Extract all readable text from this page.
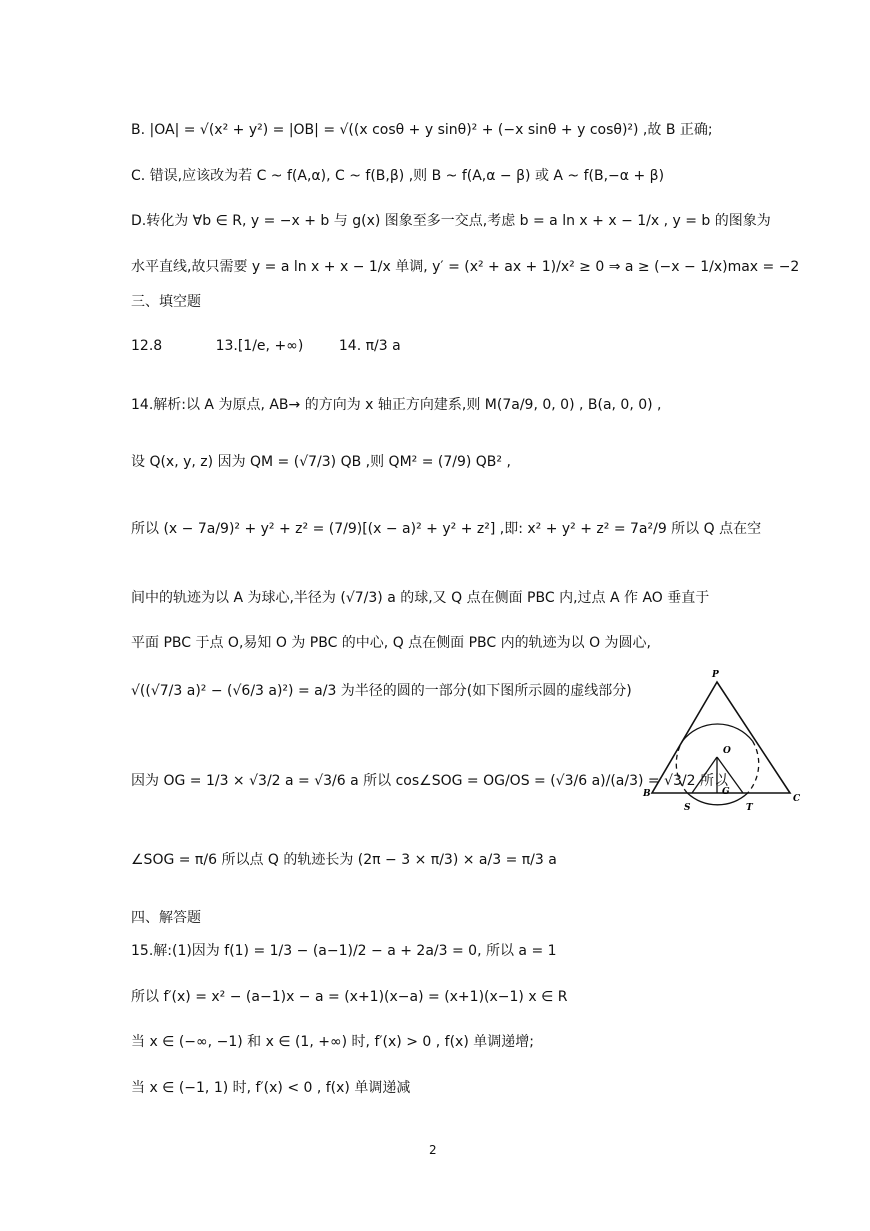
B. |OA| = √(x² + y²) = |OB| = √((x cosθ + y sinθ)² + (−x sinθ + y cosθ)²) ,故 B 正确;
C. 错误,应该改为若 C ~ f(A,α), C ~ f(B,β) ,则 B ~ f(A,α − β) 或 A ~ f(B,−α + β)
D.转化为 ∀b ∈ R, y = −x + b 与 g(x) 图象至多一交点,考虑 b = a ln x + x − 1/x , y = b 的图象为
水平直线,故只需要 y = a ln x + x − 1/x 单调, y′ = (x² + ax + 1)/x² ≥ 0 ⇒ a ≥ (−x − 1/x)max = −2
三、填空题
12.8            13.[1/e, +∞)        14. π/3 a
14.解析:以 A 为原点, AB→ 的方向为 x 轴正方向建系,则 M(7a/9, 0, 0) , B(a, 0, 0) ,
设 Q(x, y, z) 因为 QM = (√7/3) QB ,则 QM² = (7/9) QB² ,
所以 (x − 7a/9)² + y² + z² = (7/9)[(x − a)² + y² + z²] ,即: x² + y² + z² = 7a²/9 所以 Q 点在空
间中的轨迹为以 A 为球心,半径为 (√7/3) a 的球,又 Q 点在侧面 PBC 内,过点 A 作 AO 垂直于
平面 PBC 于点 O,易知 O 为 PBC 的中心, Q 点在侧面 PBC 内的轨迹为以 O 为圆心,
√((√7/3 a)² − (√6/3 a)²) = a/3 为半径的圆的一部分(如下图所示圆的虚线部分)
因为 OG = 1/3 × √3/2 a = √3/6 a 所以 cos∠SOG = OG/OS = (√3/6 a)/(a/3) = √3/2 所以
∠SOG = π/6 所以点 Q 的轨迹长为 (2π − 3 × π/3) × a/3 = π/3 a
四、解答题
15.解:(1)因为 f(1) = 1/3 − (a−1)/2 − a + 2a/3 = 0, 所以 a = 1
所以 f′(x) = x² − (a−1)x − a = (x+1)(x−a) = (x+1)(x−1) x ∈ R
当 x ∈ (−∞, −1) 和 x ∈ (1, +∞) 时, f′(x) > 0 , f(x) 单调递增;
当 x ∈ (−1, 1) 时, f′(x) < 0 , f(x) 单调递减
P
O
B
S
G
T
C
2
